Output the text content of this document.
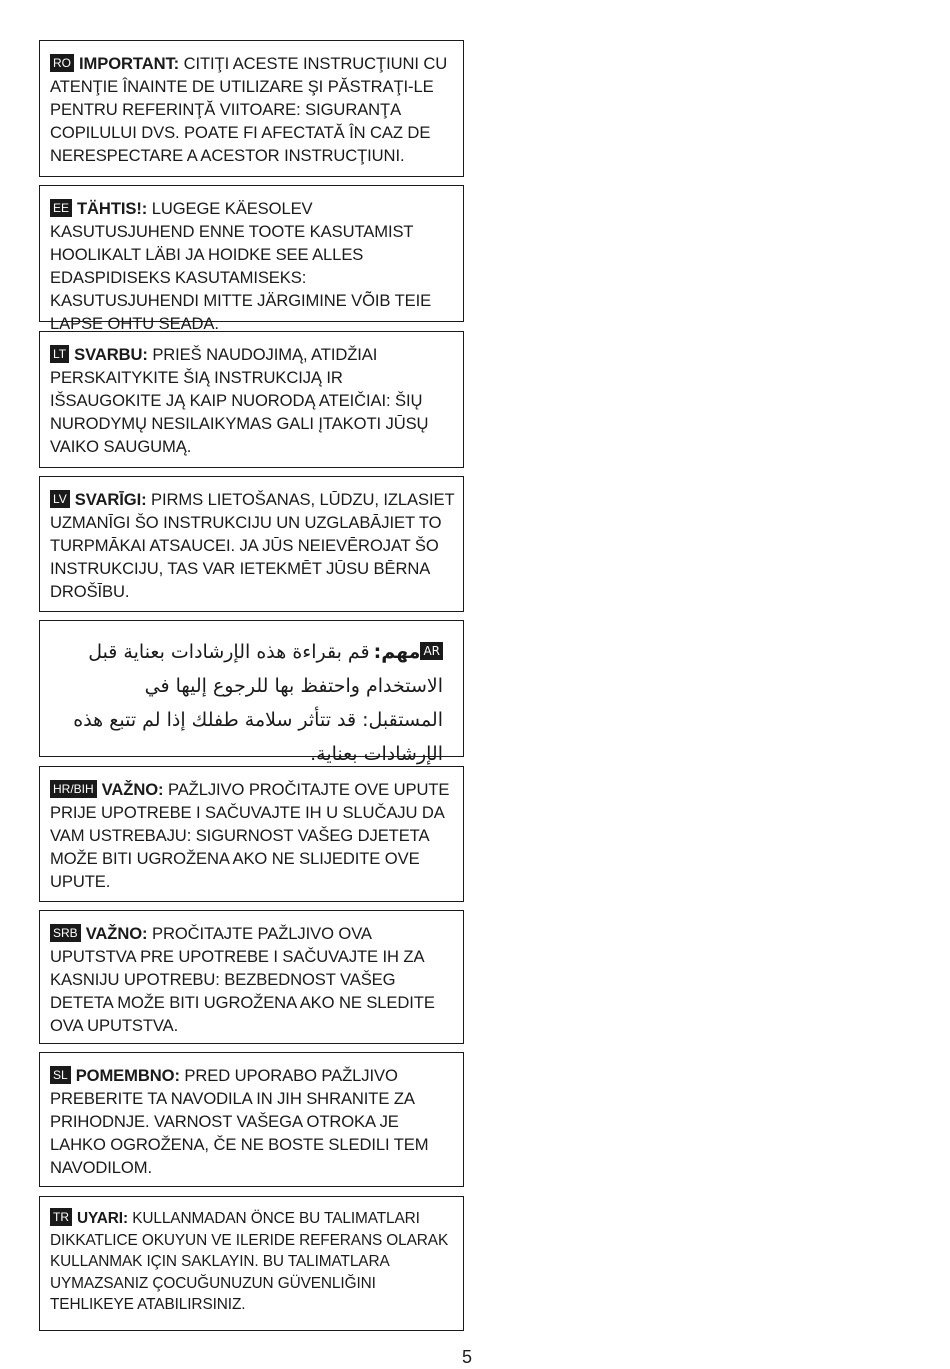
RO IMPORTANT: CITIŢI ACESTE INSTRUCŢIUNI CU ATENŢIE ÎNAINTE DE UTILIZARE ŞI PĂSTRAŢI-LE PENTRU REFERINŢĂ VIITOARE: SIGURANŢA COPILULUI DVS. POATE FI AFECTATĂ ÎN CAZ DE NERESPECTARE A ACESTOR INSTRUCŢIUNI.
EE TÄHTIS!: LUGEGE KÄESOLEV KASUTUSJUHEND ENNE TOOTE KASUTAMIST HOOLIKALT LÄBI JA HOIDKE SEE ALLES EDASPIDISEKS KASUTAMISEKS: KASUTUSJUHENDI MITTE JÄRGIMINE VÕIB TEIE LAPSE OHTU SEADA.
LT SVARBU: PRIEŠ NAUDOJIMĄ, ATIDŽIAI PERSKAITYKITE ŠIĄ INSTRUKCIJĄ IR IŠSAUGOKITE JĄ KAIP NUORODĄ ATEIČIAI: ŠIŲ NURODYMŲ NESILAIKYMAS GALI ĮTAKOTI JŪSŲ VAIKO SAUGUMĄ.
LV SVARĪGI: PIRMS LIETOŠANAS, LŪDZU, IZLASIET UZMANĪGI ŠO INSTRUKCIJU UN UZGLABĀJIET TO TURPMĀKAI ATSAUCEI. JA JŪS NEIEVĒROJAT ŠO INSTRUKCIJU, TAS VAR IETEKMĒT JŪSU BĒRNA DROŠĪBU.
ARمهم:قم بقراءة هذه الإرشادات بعناية قبل الاستخدام واحتفظ بها للرجوع إليها في المستقبل: قد تتأثر سلامة طفلك إذا لم تتبع هذه الإرشادات بعناية.
HR/BIH VAŽNO: PAŽLJIVO PROČITAJTE OVE UPUTE PRIJE UPOTREBE I SAČUVAJTE IH U SLUČAJU DA VAM USTREBAJU: SIGURNOST VAŠEG DJETETA MOŽE BITI UGROŽENA AKO NE SLIJEDITE OVE UPUTE.
SRB VAŽNO: PROČITAJTE PAŽLJIVO OVA UPUTSTVA PRE UPOTREBE I SAČUVAJTE IH ZA KASNIJU UPOTREBU: BEZBEDNOST VAŠEG DETETA MOŽE BITI UGROŽENA AKO NE SLEDITE OVA UPUTSTVA.
SL POMEMBNO: PRED UPORABO PAŽLJIVO PREBERITE TA NAVODILA IN JIH SHRANITE ZA PRIHODNJE. VARNOST VAŠEGA OTROKA JE LAHKO OGROŽENA, ČE NE BOSTE SLEDILI TEM NAVODILOM.
TR UYARI: KULLANMADAN ÖNCE BU TALIMATLARI DIKKATLICE OKUYUN VE ILERIDE REFERANS OLARAK KULLANMAK IÇIN SAKLAYIN. BU TALIMATLARA UYMAZSANIZ ÇOCUĞUNUZUN GÜVENLIĞINI TEHLIKEYE ATABILIRSINIZ.
5
